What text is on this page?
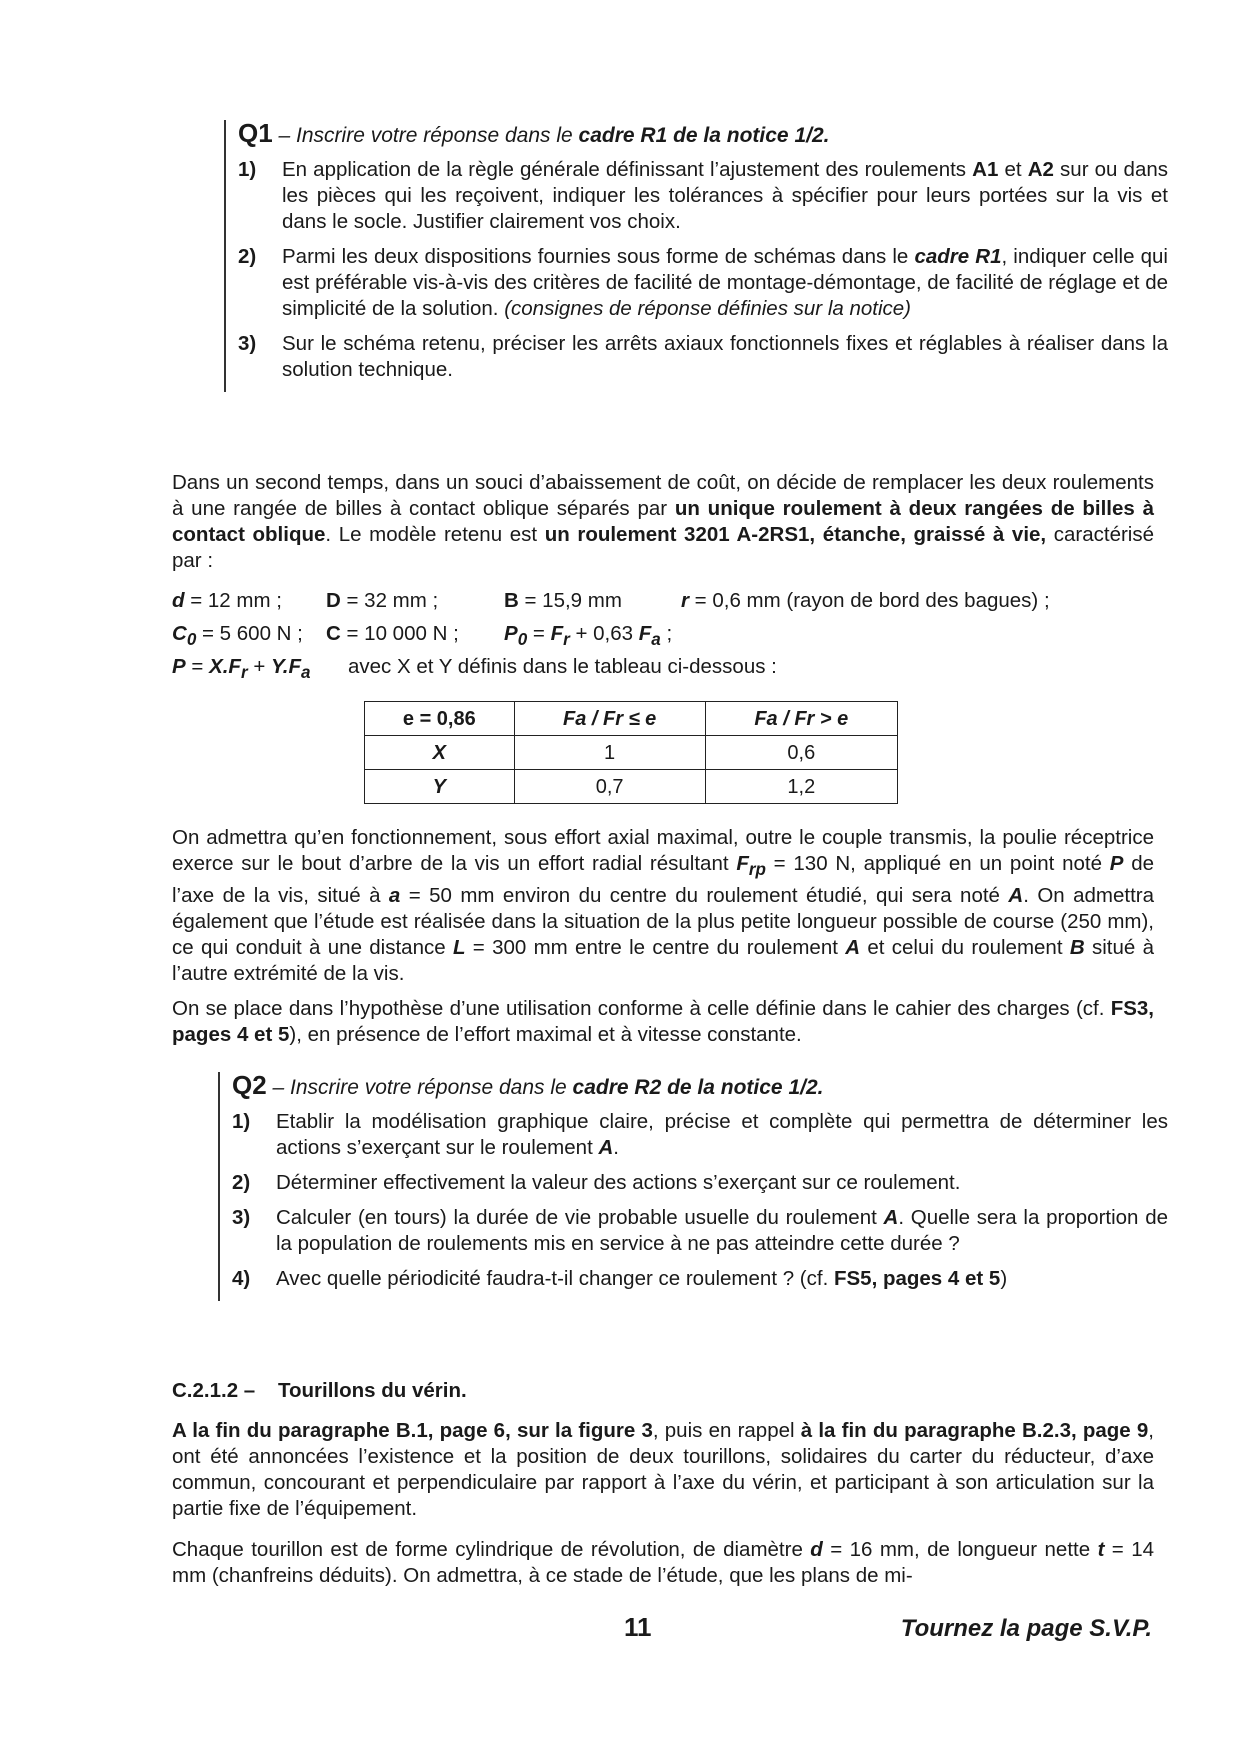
Q1 – Inscrire votre réponse dans le cadre R1 de la notice 1/2.
1)	En application de la règle générale définissant l’ajustement des roulements A1 et A2 sur ou dans les pièces qui les reçoivent, indiquer les tolérances à spécifier pour leurs portées sur la vis et dans le socle. Justifier clairement vos choix.
2)	Parmi les deux dispositions fournies sous forme de schémas dans le cadre R1, indiquer celle qui est préférable vis-à-vis des critères de facilité de montage-démontage, de facilité de réglage et de simplicité de la solution. (consignes de réponse définies sur la notice)
3)	Sur le schéma retenu, préciser les arrêts axiaux fonctionnels fixes et réglables à réaliser dans la solution technique.
Dans un second temps, dans un souci d’abaissement de coût, on décide de remplacer les deux roulements à une rangée de billes à contact oblique séparés par un unique roulement à deux rangées de billes à contact oblique. Le modèle retenu est un roulement 3201 A-2RS1, étanche, graissé à vie, caractérisé par :
d = 12 mm ; D = 32 mm ;	B = 15,9 mm	r = 0,6 mm (rayon de bord des bagues) ;
$C_0 = 5$ 600 N ; C = 10 000 N ; $P_0 = F_r + 0,63$ $F_a$ ;
$P = X.F_r + Y.F_a$ avec X et Y définis dans le tableau ci-dessous :
e = 0,86	Fa / Fr ≤ e	Fa / Fr > e
X	1	0,6
Y	0,7	1,2
On admettra qu’en fonctionnement, sous effort axial maximal, outre le couple transmis, la poulie réceptrice exerce sur le bout d’arbre de la vis un effort radial résultant $F_{rp} = 130$ N, appliqué en un point noté P de l’axe de la vis, situé à a = 50 mm environ du centre du roulement étudié, qui sera noté A. On admettra également que l’étude est réalisée dans la situation de la plus petite longueur possible de course (250 mm), ce qui conduit à une distance L = 300 mm entre le centre du roulement A et celui du roulement B situé à l’autre extrémité de la vis.
On se place dans l’hypothèse d’une utilisation conforme à celle définie dans le cahier des charges (cf. FS3, pages 4 et 5), en présence de l’effort maximal et à vitesse constante.
Q2 – Inscrire votre réponse dans le cadre R2 de la notice 1/2.
1)	Etablir la modélisation graphique claire, précise et complète qui permettra de déterminer les actions s’exerçant sur le roulement A.
2)	Déterminer effectivement la valeur des actions s’exerçant sur ce roulement.
3)	Calculer (en tours) la durée de vie probable usuelle du roulement A. Quelle sera la proportion de la population de roulements mis en service à ne pas atteindre cette durée ?
4)	Avec quelle périodicité faudra-t-il changer ce roulement ? (cf. FS5, pages 4 et 5)
C.2.1.2 –    Tourillons du vérin.
A la fin du paragraphe B.1, page 6, sur la figure 3, puis en rappel à la fin du paragraphe B.2.3, page 9, ont été annoncées l’existence et la position de deux tourillons, solidaires du carter du réducteur, d’axe commun, concourant et perpendiculaire par rapport à l’axe du vérin, et participant à son articulation sur la partie fixe de l’équipement.
Chaque tourillon est de forme cylindrique de révolution, de diamètre d = 16 mm, de longueur nette t = 14 mm (chanfreins déduits). On admettra, à ce stade de l’étude, que les plans de mi-
11	Tournez la page S.V.P.
